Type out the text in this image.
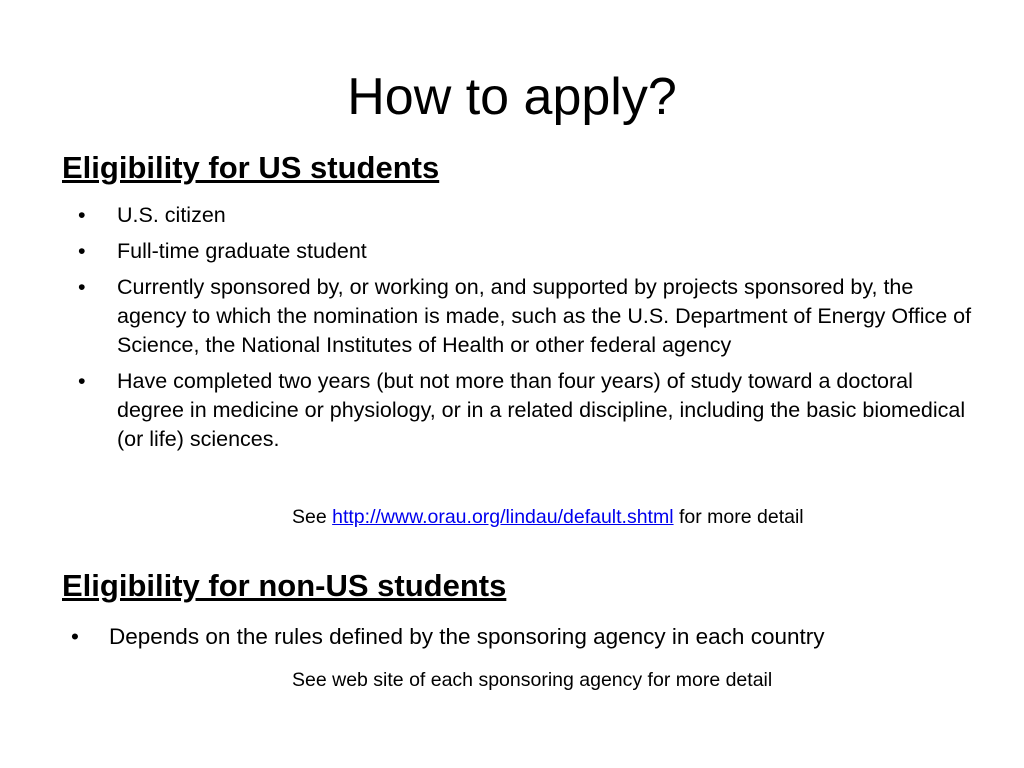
How to apply?
Eligibility for US students
• U.S. citizen
• Full-time graduate student
• Currently sponsored by, or working on, and supported by projects sponsored by, the agency to which the nomination is made, such as the U.S. Department of Energy Office of Science, the National Institutes of Health or other federal agency
• Have completed two years (but not more than four years) of study toward a doctoral degree in medicine or physiology, or in a related discipline, including the basic biomedical (or life) sciences.
See http://www.orau.org/lindau/default.shtml for more detail
Eligibility for non-US students
• Depends on the rules defined by the sponsoring agency in each country
See web site of each sponsoring agency for more detail
